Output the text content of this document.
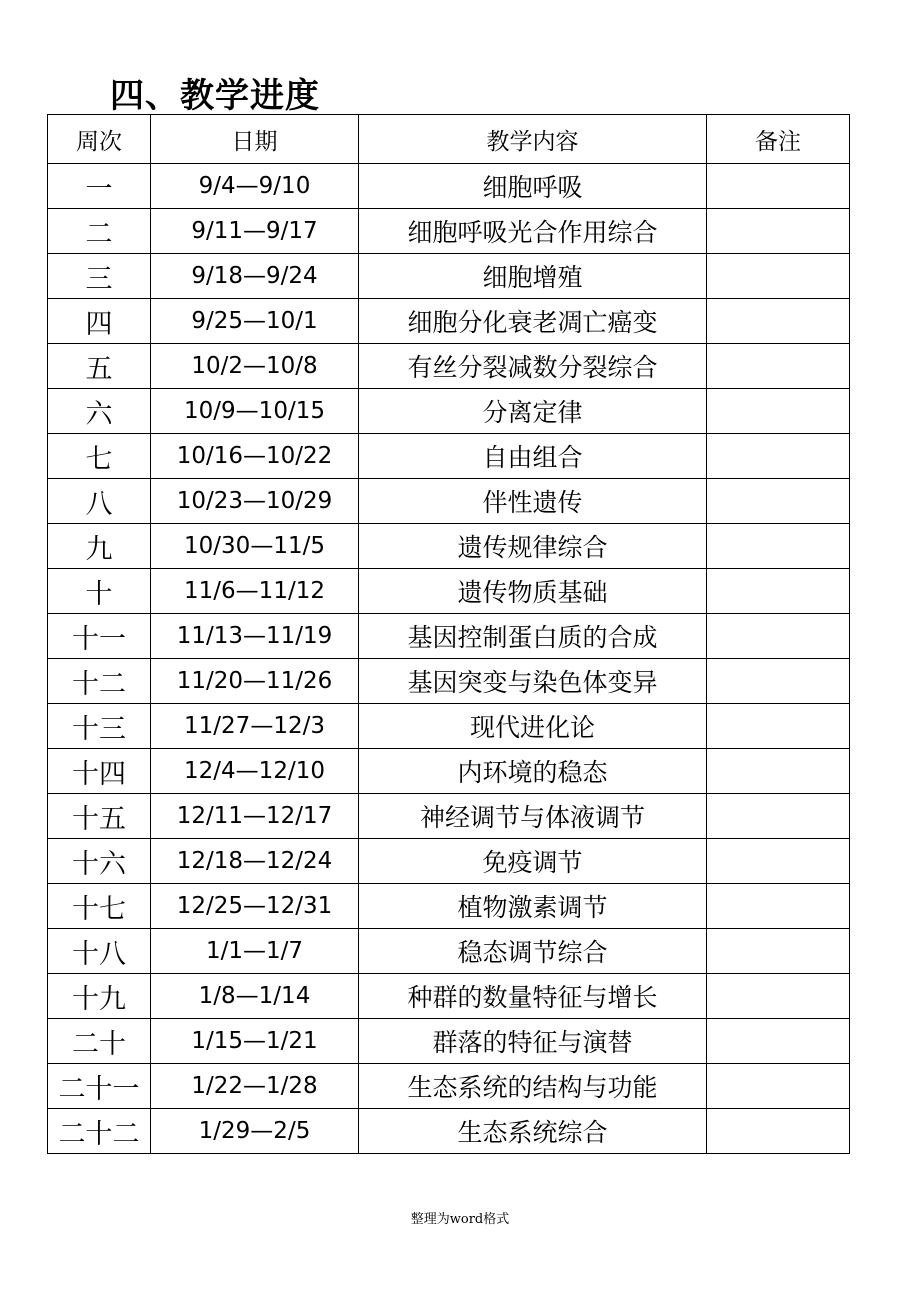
四、教学进度
周次	日期	教学内容	备注
一	9/4—9/10	细胞呼吸	
二	9/11—9/17	细胞呼吸光合作用综合	
三	9/18—9/24	细胞增殖	
四	9/25—10/1	细胞分化衰老凋亡癌变	
五	10/2—10/8	有丝分裂减数分裂综合	
六	10/9—10/15	分离定律	
七	10/16—10/22	自由组合	
八	10/23—10/29	伴性遗传	
九	10/30—11/5	遗传规律综合	
十	11/6—11/12	遗传物质基础	
十一	11/13—11/19	基因控制蛋白质的合成	
十二	11/20—11/26	基因突变与染色体变异	
十三	11/27—12/3	现代进化论	
十四	12/4—12/10	内环境的稳态	
十五	12/11—12/17	神经调节与体液调节	
十六	12/18—12/24	免疫调节	
十七	12/25—12/31	植物激素调节	
十八	1/1—1/7	稳态调节综合	
十九	1/8—1/14	种群的数量特征与增长	
二十	1/15—1/21	群落的特征与演替	
二十一	1/22—1/28	生态系统的结构与功能	
二十二	1/29—2/5	生态系统综合	
整理为word格式
